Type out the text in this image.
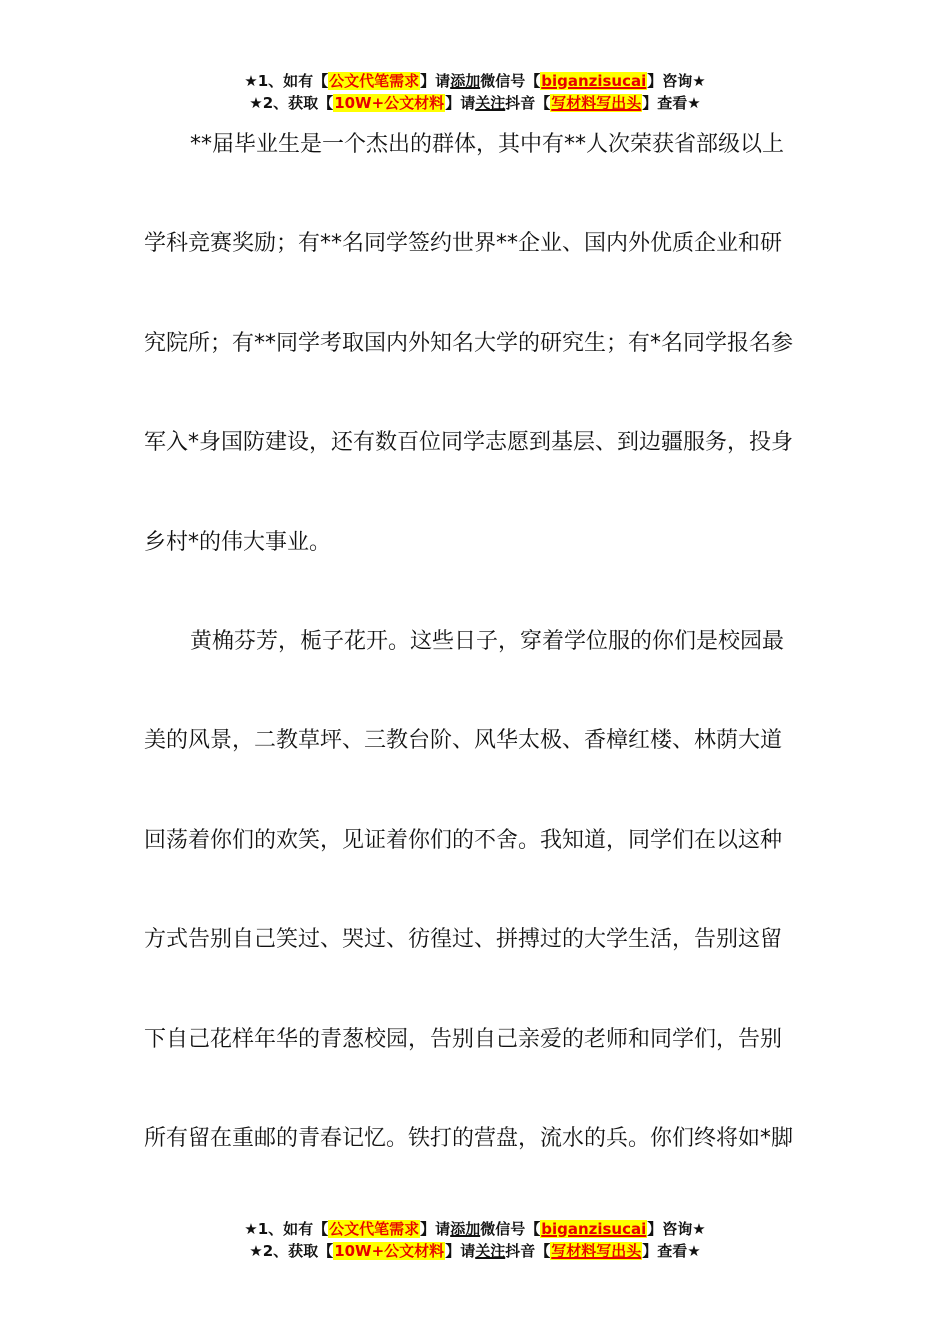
★1、如有【公文代笔需求】请添加微信号【biganzisucai】咨询★
★2、获取【10W+公文材料】请关注抖音【写材料写出头】查看★
**届毕业生是一个杰出的群体，其中有**人次荣获省部级以上
学科竞赛奖励；有**名同学签约世界**企业、国内外优质企业和研
究院所；有**同学考取国内外知名大学的研究生；有*名同学报名参
军入*身国防建设，还有数百位同学志愿到基层、到边疆服务，投身
乡村*的伟大事业。
黄桷芬芳，栀子花开。这些日子，穿着学位服的你们是校园最
美的风景，二教草坪、三教台阶、风华太极、香樟红楼、林荫大道
回荡着你们的欢笑，见证着你们的不舍。我知道，同学们在以这种
方式告别自己笑过、哭过、彷徨过、拼搏过的大学生活，告别这留
下自己花样年华的青葱校园，告别自己亲爱的老师和同学们，告别
所有留在重邮的青春记忆。铁打的营盘，流水的兵。你们终将如*脚
★1、如有【公文代笔需求】请添加微信号【biganzisucai】咨询★
★2、获取【10W+公文材料】请关注抖音【写材料写出头】查看★
